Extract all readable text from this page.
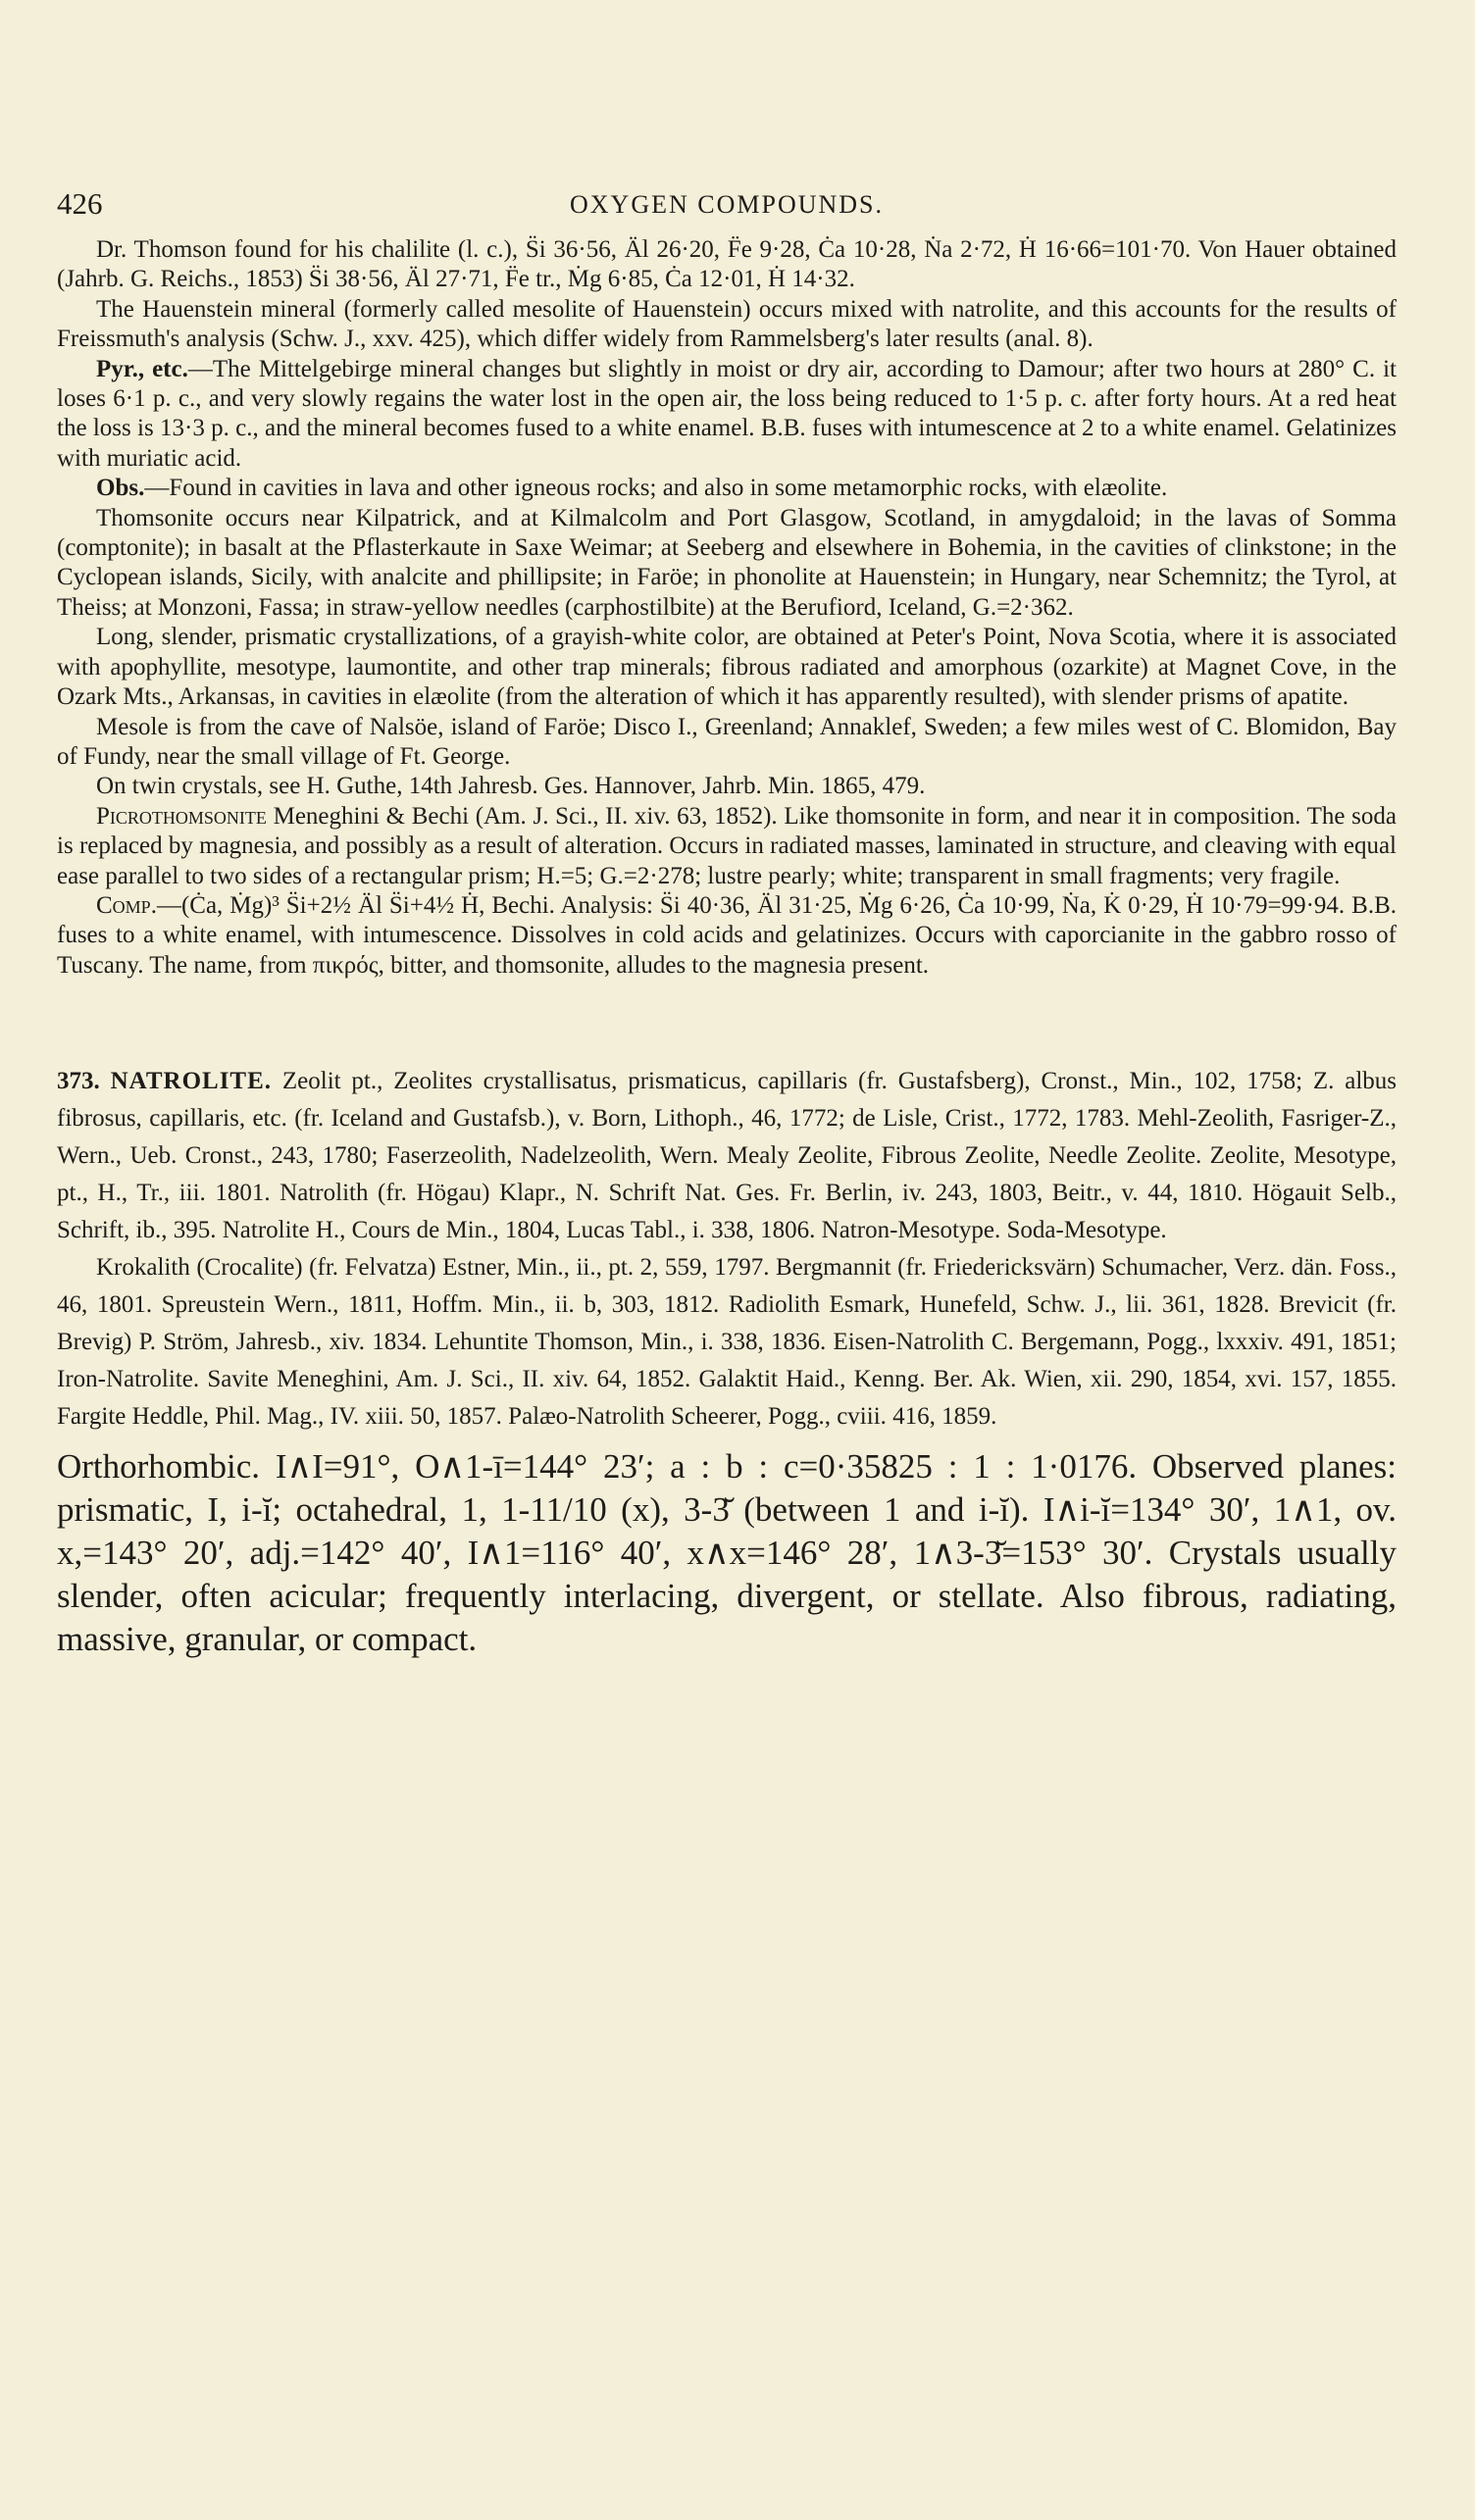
426	OXYGEN COMPOUNDS.

Dr. Thomson found for his chalilite (l. c.), S̈i 36·56, Äl 26·20, F̈e 9·28, Ċa 10·28, Ṅa 2·72, Ḣ 16·66=101·70. Von Hauer obtained (Jahrb. G. Reichs., 1853) S̈i 38·56, Äl 27·71, F̈e tr., Ṁg 6·85, Ċa 12·01, Ḣ 14·32.

The Hauenstein mineral (formerly called mesolite of Hauenstein) occurs mixed with natrolite, and this accounts for the results of Freissmuth's analysis (Schw. J., xxv. 425), which differ widely from Rammelsberg's later results (anal. 8).

Pyr., etc.—The Mittelgebirge mineral changes but slightly in moist or dry air, according to Damour; after two hours at 280° C. it loses 6·1 p. c., and very slowly regains the water lost in the open air, the loss being reduced to 1·5 p. c. after forty hours. At a red heat the loss is 13·3 p. c., and the mineral becomes fused to a white enamel. B.B. fuses with intumescence at 2 to a white enamel. Gelatinizes with muriatic acid.

Obs.—Found in cavities in lava and other igneous rocks; and also in some metamorphic rocks, with elæolite.

Thomsonite occurs near Kilpatrick, and at Kilmalcolm and Port Glasgow, Scotland, in amygdaloid; in the lavas of Somma (comptonite); in basalt at the Pflasterkaute in Saxe Weimar; at Seeberg and elsewhere in Bohemia, in the cavities of clinkstone; in the Cyclopean islands, Sicily, with analcite and phillipsite; in Faröe; in phonolite at Hauenstein; in Hungary, near Schemnitz; the Tyrol, at Theiss; at Monzoni, Fassa; in straw-yellow needles (carphostilbite) at the Berufiord, Iceland, G.=2·362.

Long, slender, prismatic crystallizations, of a grayish-white color, are obtained at Peter's Point, Nova Scotia, where it is associated with apophyllite, mesotype, laumontite, and other trap minerals; fibrous radiated and amorphous (ozarkite) at Magnet Cove, in the Ozark Mts., Arkansas, in cavities in elæolite (from the alteration of which it has apparently resulted), with slender prisms of apatite.

Mesole is from the cave of Nalsöe, island of Faröe; Disco I., Greenland; Annaklef, Sweden; a few miles west of C. Blomidon, Bay of Fundy, near the small village of Ft. George.

On twin crystals, see H. Guthe, 14th Jahresb. Ges. Hannover, Jahrb. Min. 1865, 479.

Picrothomsonite Meneghini & Bechi (Am. J. Sci., II. xiv. 63, 1852). Like thomsonite in form, and near it in composition. The soda is replaced by magnesia, and possibly as a result of alteration. Occurs in radiated masses, laminated in structure, and cleaving with equal ease parallel to two sides of a rectangular prism; H.=5; G.=2·278; lustre pearly; white; transparent in small fragments; very fragile.

Comp.—(Ċa, Ṁg)³ S̈i+2½ Äl S̈i+4½ Ḣ, Bechi. Analysis: S̈i 40·36, Äl 31·25, Ṁg 6·26, Ċa 10·99, Ṅa, K̇ 0·29, Ḣ 10·79=99·94. B.B. fuses to a white enamel, with intumescence. Dissolves in cold acids and gelatinizes. Occurs with caporcianite in the gabbro rosso of Tuscany. The name, from πικρός, bitter, and thomsonite, alludes to the magnesia present.

373. NATROLITE. Zeolit pt., Zeolites crystallisatus, prismaticus, capillaris (fr. Gustafsberg), Cronst., Min., 102, 1758; Z. albus fibrosus, capillaris, etc. (fr. Iceland and Gustafsb.), v. Born, Lithoph., 46, 1772; de Lisle, Crist., 1772, 1783. Mehl-Zeolith, Fasriger-Z., Wern., Ueb. Cronst., 243, 1780; Faserzeolith, Nadelzeolith, Wern. Mealy Zeolite, Fibrous Zeolite, Needle Zeolite. Zeolite, Mesotype, pt., H., Tr., iii. 1801. Natrolith (fr. Högau) Klapr., N. Schrift Nat. Ges. Fr. Berlin, iv. 243, 1803, Beitr., v. 44, 1810. Högauit Selb., Schrift, ib., 395. Natrolite H., Cours de Min., 1804, Lucas Tabl., i. 338, 1806. Natron-Mesotype. Soda-Mesotype.

Krokalith (Crocalite) (fr. Felvatza) Estner, Min., ii., pt. 2, 559, 1797. Bergmannit (fr. Friedericksvärn) Schumacher, Verz. dän. Foss., 46, 1801. Spreustein Wern., 1811, Hoffm. Min., ii. b, 303, 1812. Radiolith Esmark, Hunefeld, Schw. J., lii. 361, 1828. Brevicit (fr. Brevig) P. Ström, Jahresb., xiv. 1834. Lehuntite Thomson, Min., i. 338, 1836. Eisen-Natrolith C. Bergemann, Pogg., lxxxiv. 491, 1851; Iron-Natrolite. Savite Meneghini, Am. J. Sci., II. xiv. 64, 1852. Galaktit Haid., Kenng. Ber. Ak. Wien, xii. 290, 1854, xvi. 157, 1855. Fargite Heddle, Phil. Mag., IV. xiii. 50, 1857. Palæo-Natrolith Scheerer, Pogg., cviii. 416, 1859.

Orthorhombic. I∧I=91°, O∧1-ī=144° 23′; a : b : c=0·35825 : 1 : 1·0176. Observed planes: prismatic, I, i-ĭ; octahedral, 1, 1-11/10 (x), 3-3̆ (between 1 and i-ĭ). I∧i-ĭ=134° 30′, 1∧1, ov. x,=143° 20′, adj.=142° 40′, I∧1=116° 40′, x∧x=146° 28′, 1∧3-3̆=153° 30′. Crystals usually slender, often acicular; frequently interlacing, divergent, or stellate. Also fibrous, radiating, massive, granular, or compact.
